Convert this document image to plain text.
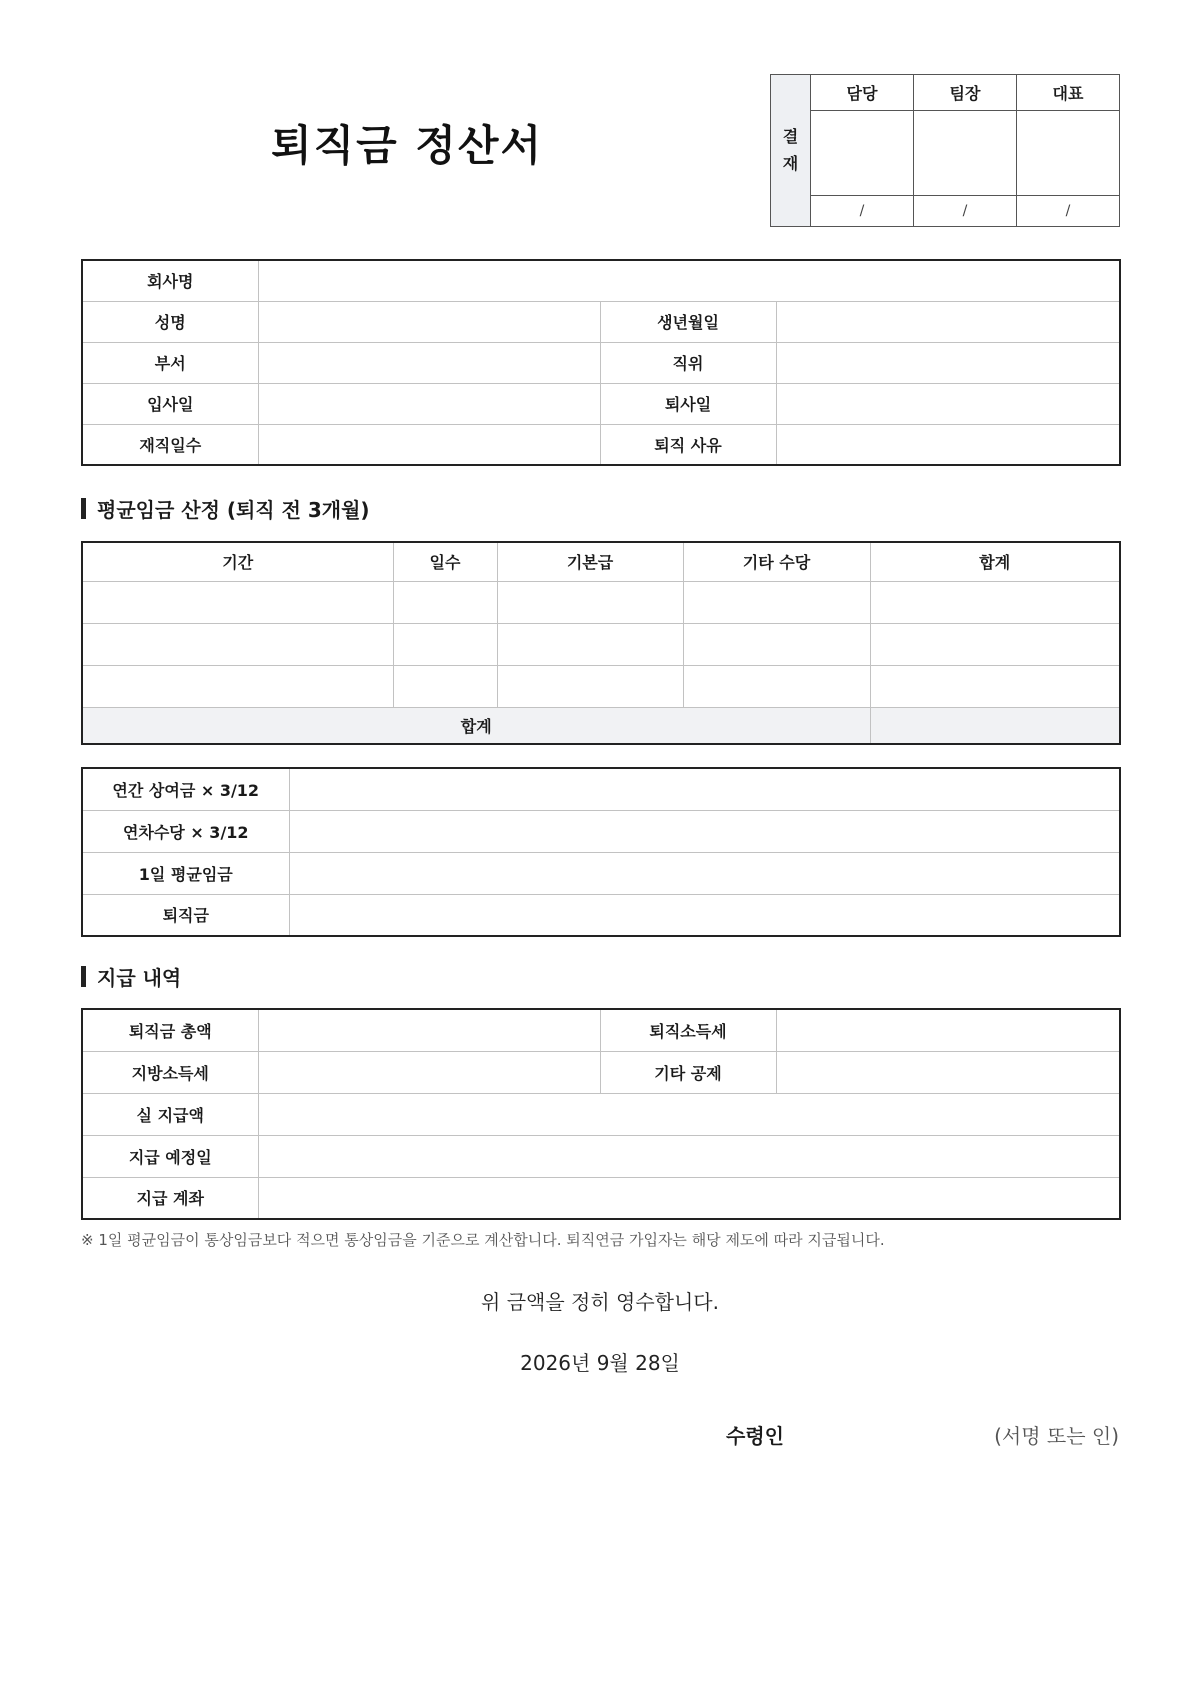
퇴직금 정산서	결재	담당	팀장	대표

	/	/	/
회사명			
성명		생년월일	
부서		직위	
입사일		퇴사일	
재직일수		퇴직 사유	
평균임금 산정 (퇴직 전 3개월)
기간	일수	기본급	기타 수당	합계

합계				
연간 상여금 × 3/12	
연차수당 × 3/12	
1일 평균임금	
퇴직금	
지급 내역
퇴직금 총액		퇴직소득세	
지방소득세		기타 공제	
실 지급액			
지급 예정일			
지급 계좌			
※ 1일 평균임금이 통상임금보다 적으면 통상임금을 기준으로 계산합니다. 퇴직연금 가입자는 해당 제도에 따라 지급됩니다.
위 금액을 정히 영수합니다.
2026년 9월 28일
수령인	(서명 또는 인)
